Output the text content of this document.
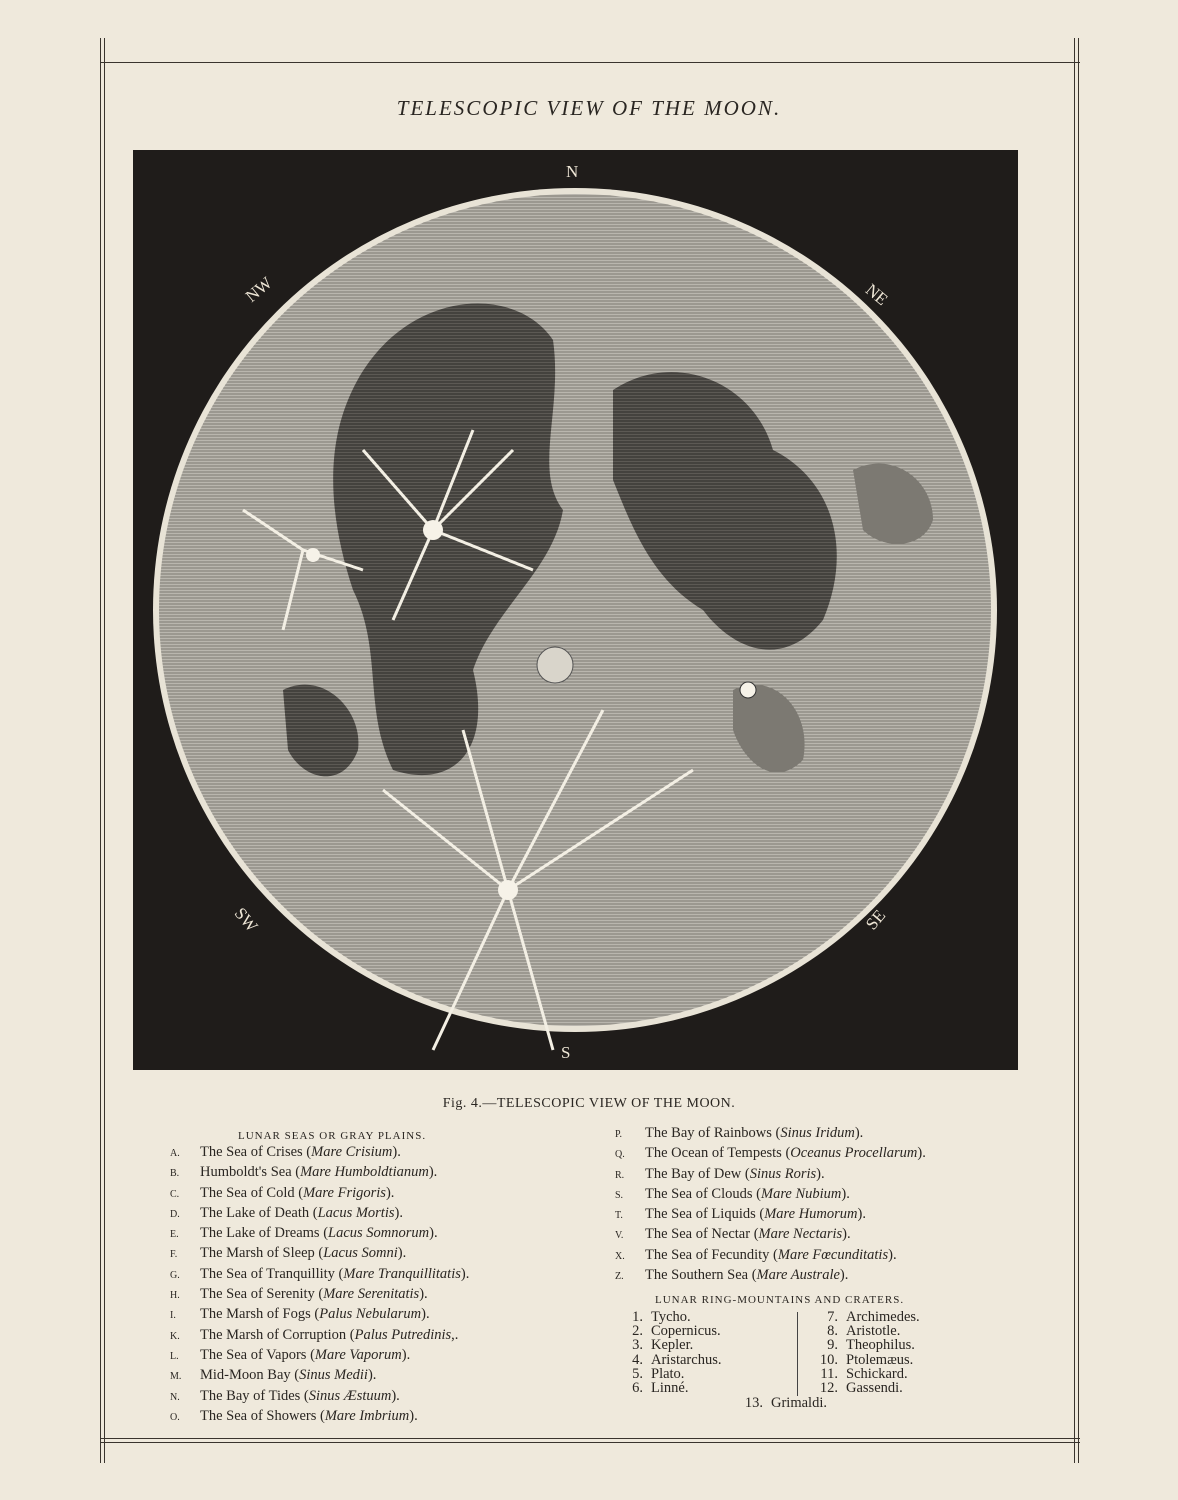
TELESCOPIC VIEW OF THE MOON.
N
NE
NW
S
SE
SW
Fig. 4.—TELESCOPIC VIEW OF THE MOON.
LUNAR SEAS OR GRAY PLAINS.
A. The Sea of Crises (Mare Crisium).
B. Humboldt's Sea (Mare Humboldtianum).
C. The Sea of Cold (Mare Frigoris).
D. The Lake of Death (Lacus Mortis).
E. The Lake of Dreams (Lacus Somnorum).
F. The Marsh of Sleep (Lacus Somni).
G. The Sea of Tranquillity (Mare Tranquillitatis).
H. The Sea of Serenity (Mare Serenitatis).
I. The Marsh of Fogs (Palus Nebularum).
K. The Marsh of Corruption (Palus Putredinis,.
L. The Sea of Vapors (Mare Vaporum).
M. Mid-Moon Bay (Sinus Medii).
N. The Bay of Tides (Sinus Æstuum).
O. The Sea of Showers (Mare Imbrium).
P. The Bay of Rainbows (Sinus Iridum).
Q. The Ocean of Tempests (Oceanus Procellarum).
R. The Bay of Dew (Sinus Roris).
S. The Sea of Clouds (Mare Nubium).
T. The Sea of Liquids (Mare Humorum).
V. The Sea of Nectar (Mare Nectaris).
X. The Sea of Fecundity (Mare Fœcunditatis).
Z. The Southern Sea (Mare Australe).
LUNAR RING-MOUNTAINS AND CRATERS.
1. Tycho.
2. Copernicus.
3. Kepler.
4. Aristarchus.
5. Plato.
6. Linné.
7. Archimedes.
8. Aristotle.
9. Theophilus.
10. Ptolemæus.
11. Schickard.
12. Gassendi.
13. Grimaldi.
